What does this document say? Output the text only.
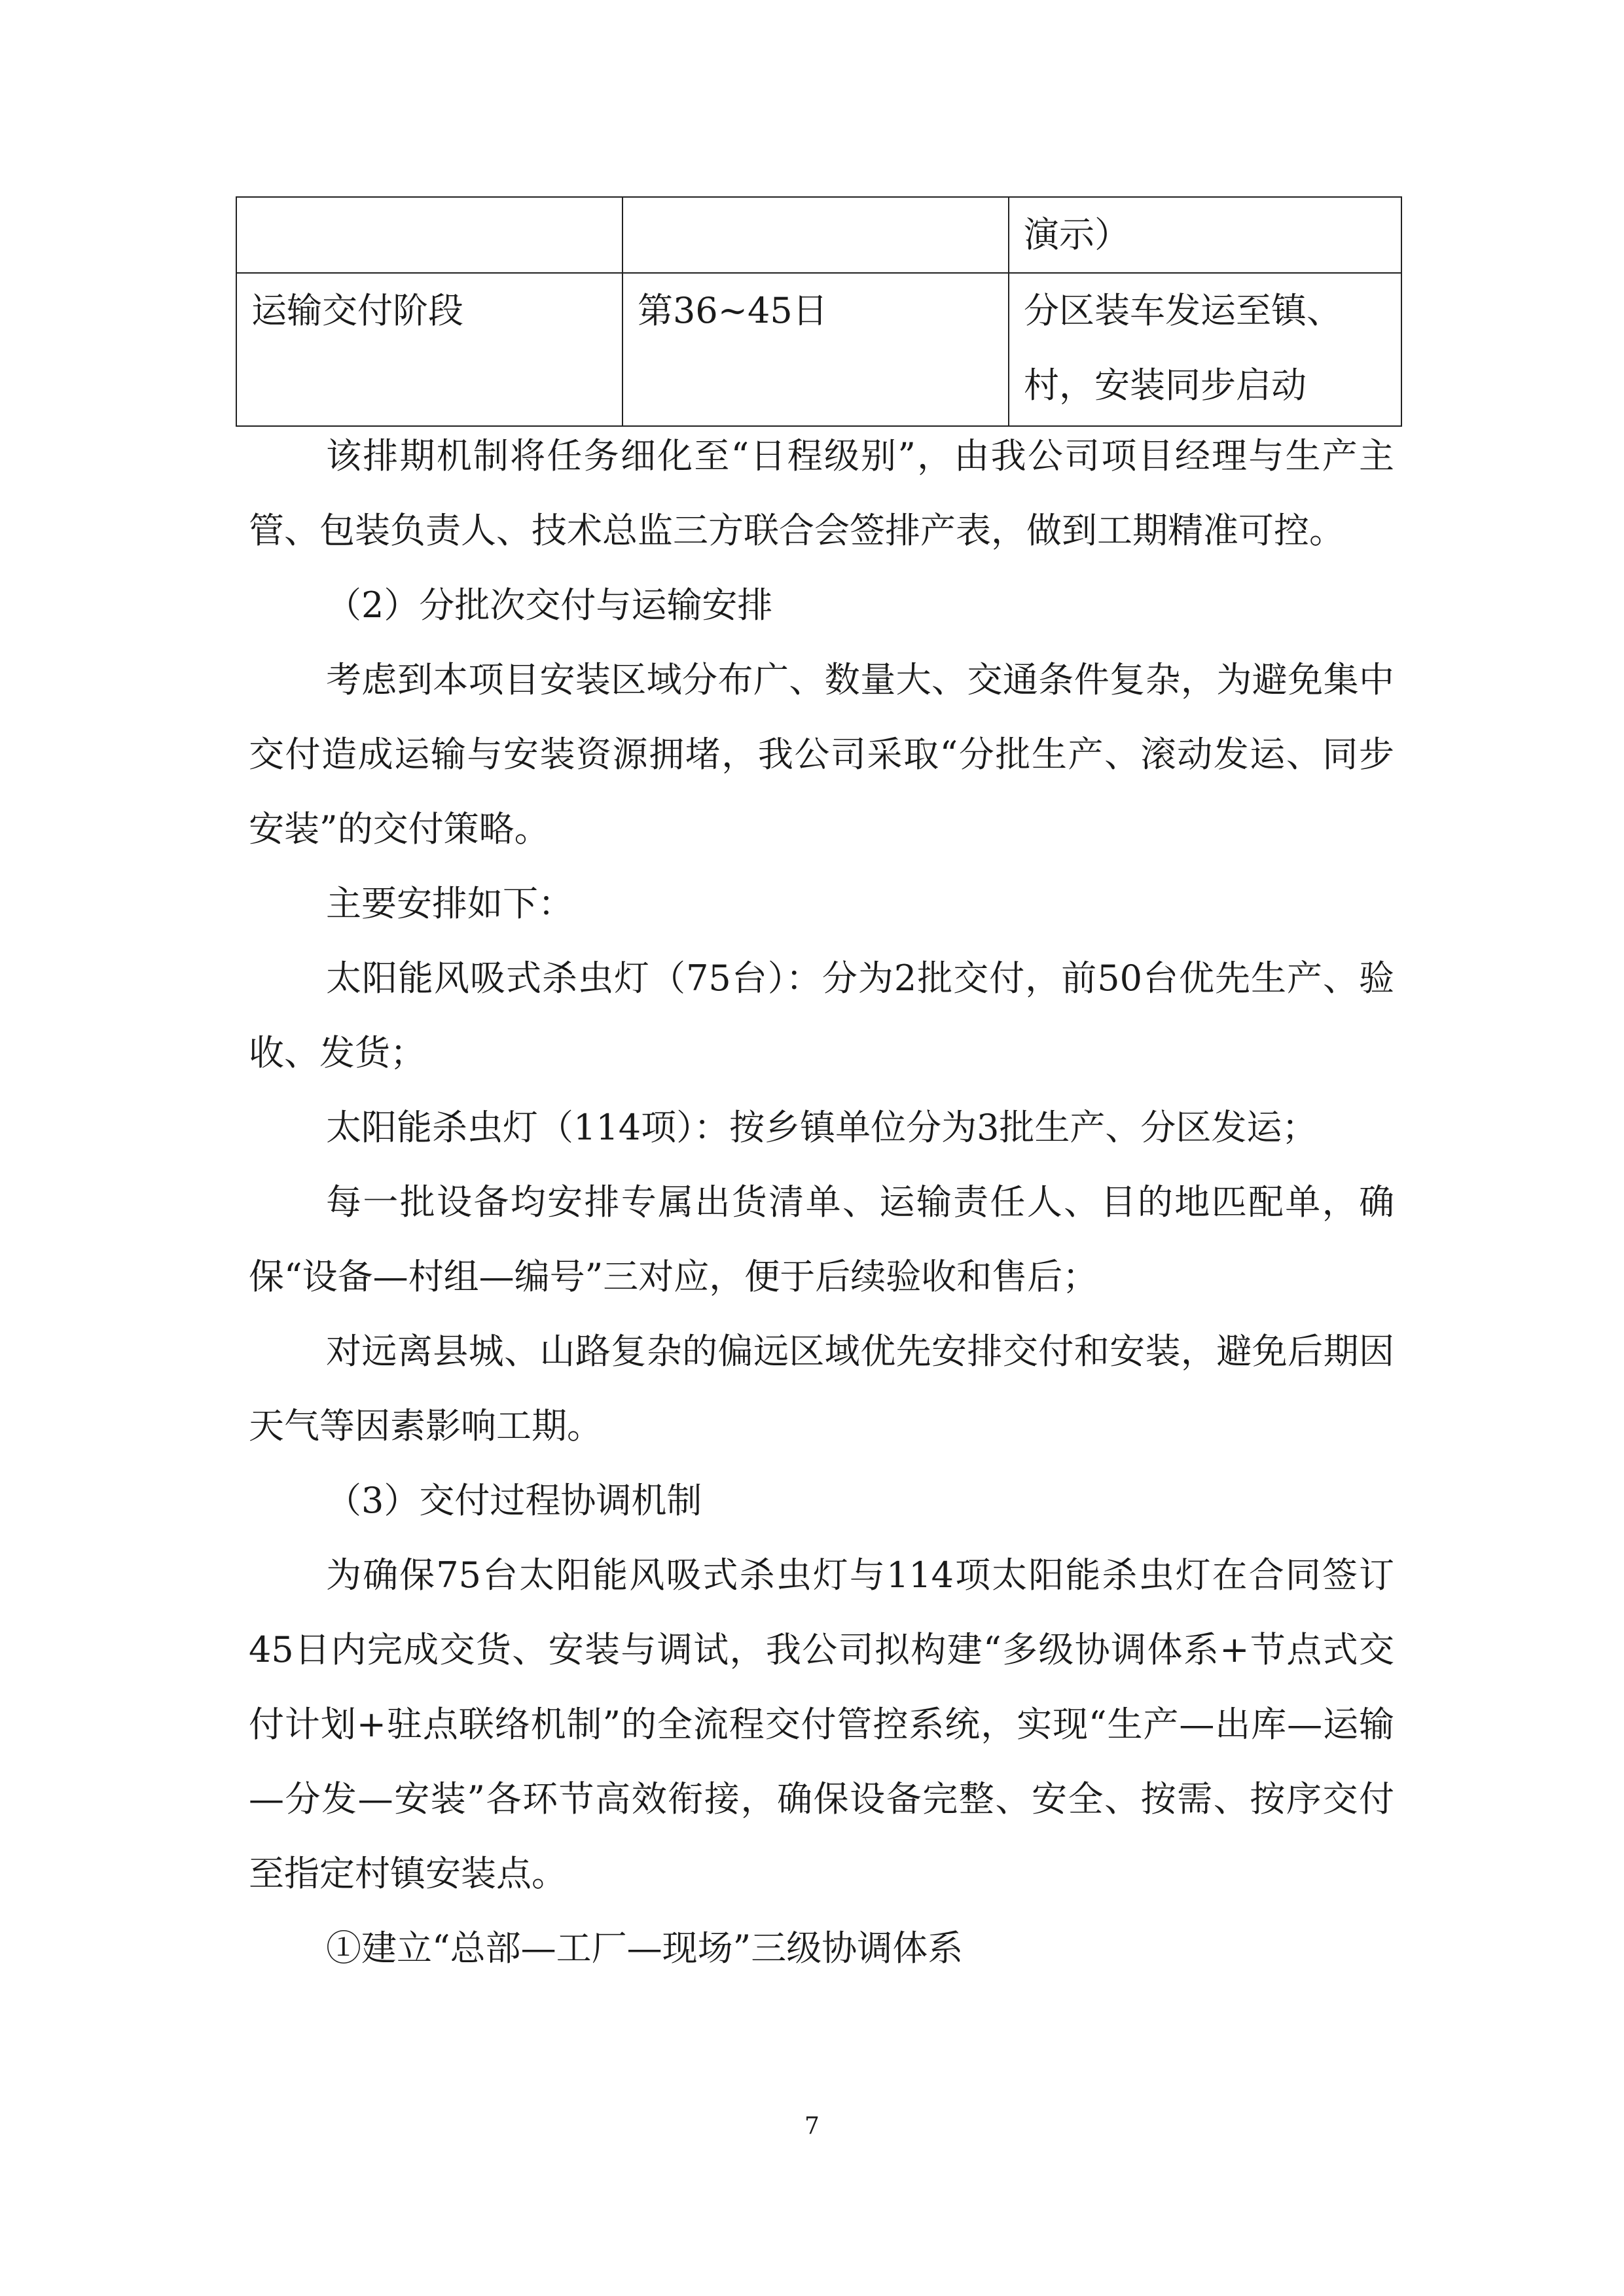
		演示）
运输交付阶段	第36~45日	分区装车发运至镇、村，安装同步启动

该排期机制将任务细化至“日程级别”，由我公司项目经理与生产主管、包装负责人、技术总监三方联合会签排产表，做到工期精准可控。

（2）分批次交付与运输安排

考虑到本项目安装区域分布广、数量大、交通条件复杂，为避免集中交付造成运输与安装资源拥堵，我公司采取“分批生产、滚动发运、同步安装”的交付策略。

主要安排如下：

太阳能风吸式杀虫灯（75台）：分为2批交付，前50台优先生产、验收、发货；

太阳能杀虫灯（114项）：按乡镇单位分为3批生产、分区发运；

每一批设备均安排专属出货清单、运输责任人、目的地匹配单，确保“设备—村组—编号”三对应，便于后续验收和售后；

对远离县城、山路复杂的偏远区域优先安排交付和安装，避免后期因天气等因素影响工期。

（3）交付过程协调机制

为确保75台太阳能风吸式杀虫灯与114项太阳能杀虫灯在合同签订45日内完成交货、安装与调试，我公司拟构建“多级协调体系+节点式交付计划+驻点联络机制”的全流程交付管控系统，实现“生产—出库—运输—分发—安装”各环节高效衔接，确保设备完整、安全、按需、按序交付至指定村镇安装点。

①建立“总部—工厂—现场”三级协调体系

7
